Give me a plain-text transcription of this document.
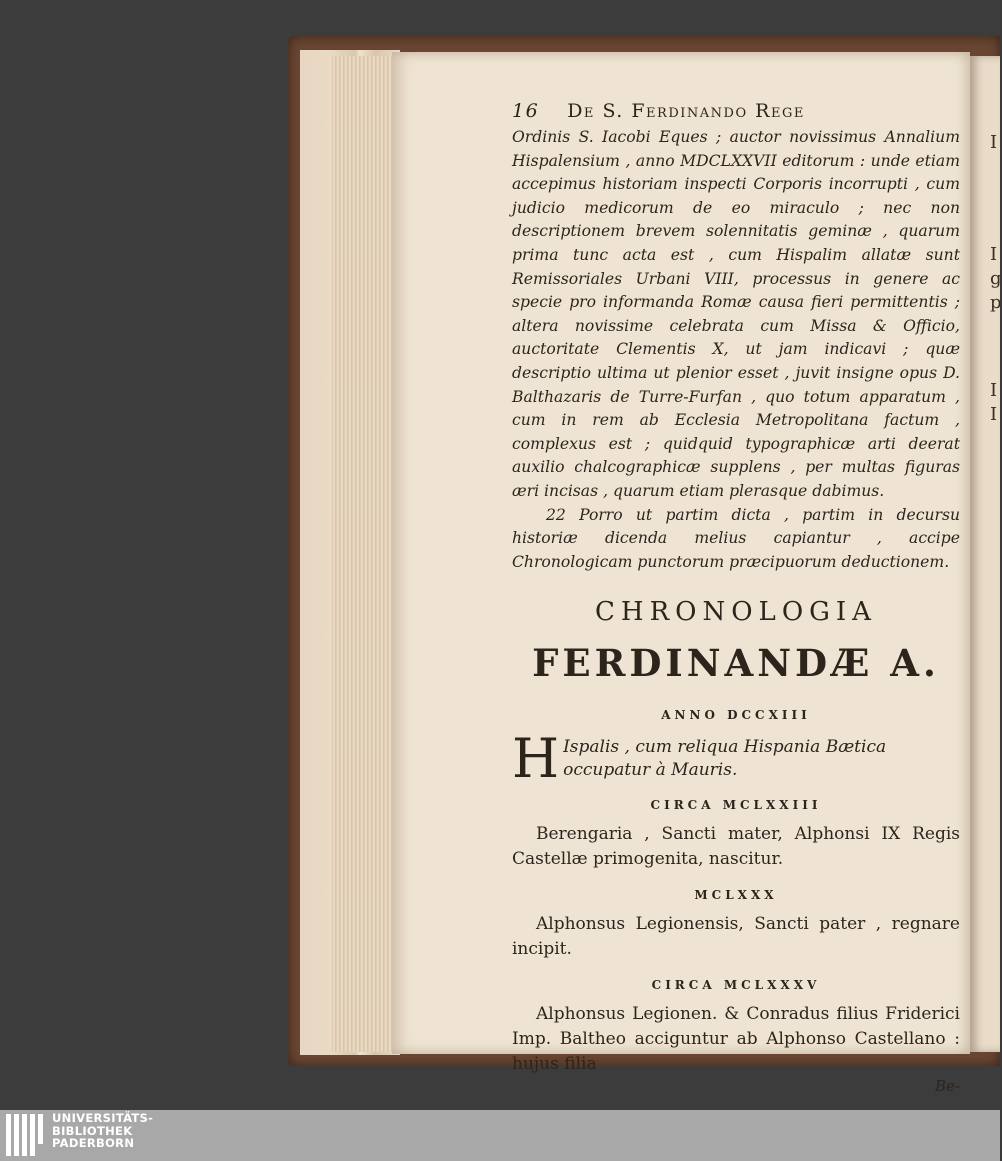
I
I
g
p
I
I
16 De S. Ferdinando Rege

Ordinis S. Iacobi Eques ; auctor novissimus Annalium Hispalensium , anno MDCLXXVII editorum : unde etiam accepimus historiam inspecti Corporis incorrupti , cum judicio medicorum de eo miraculo ; nec non descriptionem brevem solennitatis geminæ , quarum prima tunc acta est , cum Hispalim allatæ sunt Remissoriales Urbani VIII, processus in genere ac specie pro informanda Romæ causa fieri permittentis ; altera novissime celebrata cum Missa & Officio, auctoritate Clementis X, ut jam indicavi ; quæ descriptio ultima ut plenior esset , juvit insigne opus D. Balthazaris de Turre-Furfan , quo totum apparatum , cum in rem ab Ecclesia Metropolitana factum , complexus est ; quidquid typographicæ arti deerat auxilio chalcographicæ supplens , per multas figuras æri incisas , quarum etiam plerasque dabimus.

22 Porro ut partim dicta , partim in decursu historiæ dicenda melius capiantur , accipe Chronologicam punctorum præcipuorum deductionem.

CHRONOLOGIA
FERDINANDÆ A.
ANNO DCCXIII
H Ispalis , cum reliqua Hispania Bætica occupatur à Mauris.
CIRCA MCLXXIII

Berengaria , Sancti mater, Alphonsi IX Regis Castellæ primogenita, nascitur.

MCLXXX

Alphonsus Legionensis, Sancti pater , regnare incipit.

CIRCA MCLXXXV

Alphonsus Legionen. & Conradus filius Friderici Imp. Baltheo acciguntur ab Alphonso Castellano : hujus filia

Be-
UNIVERSITÄTS-
BIBLIOTHEK
PADERBORN
